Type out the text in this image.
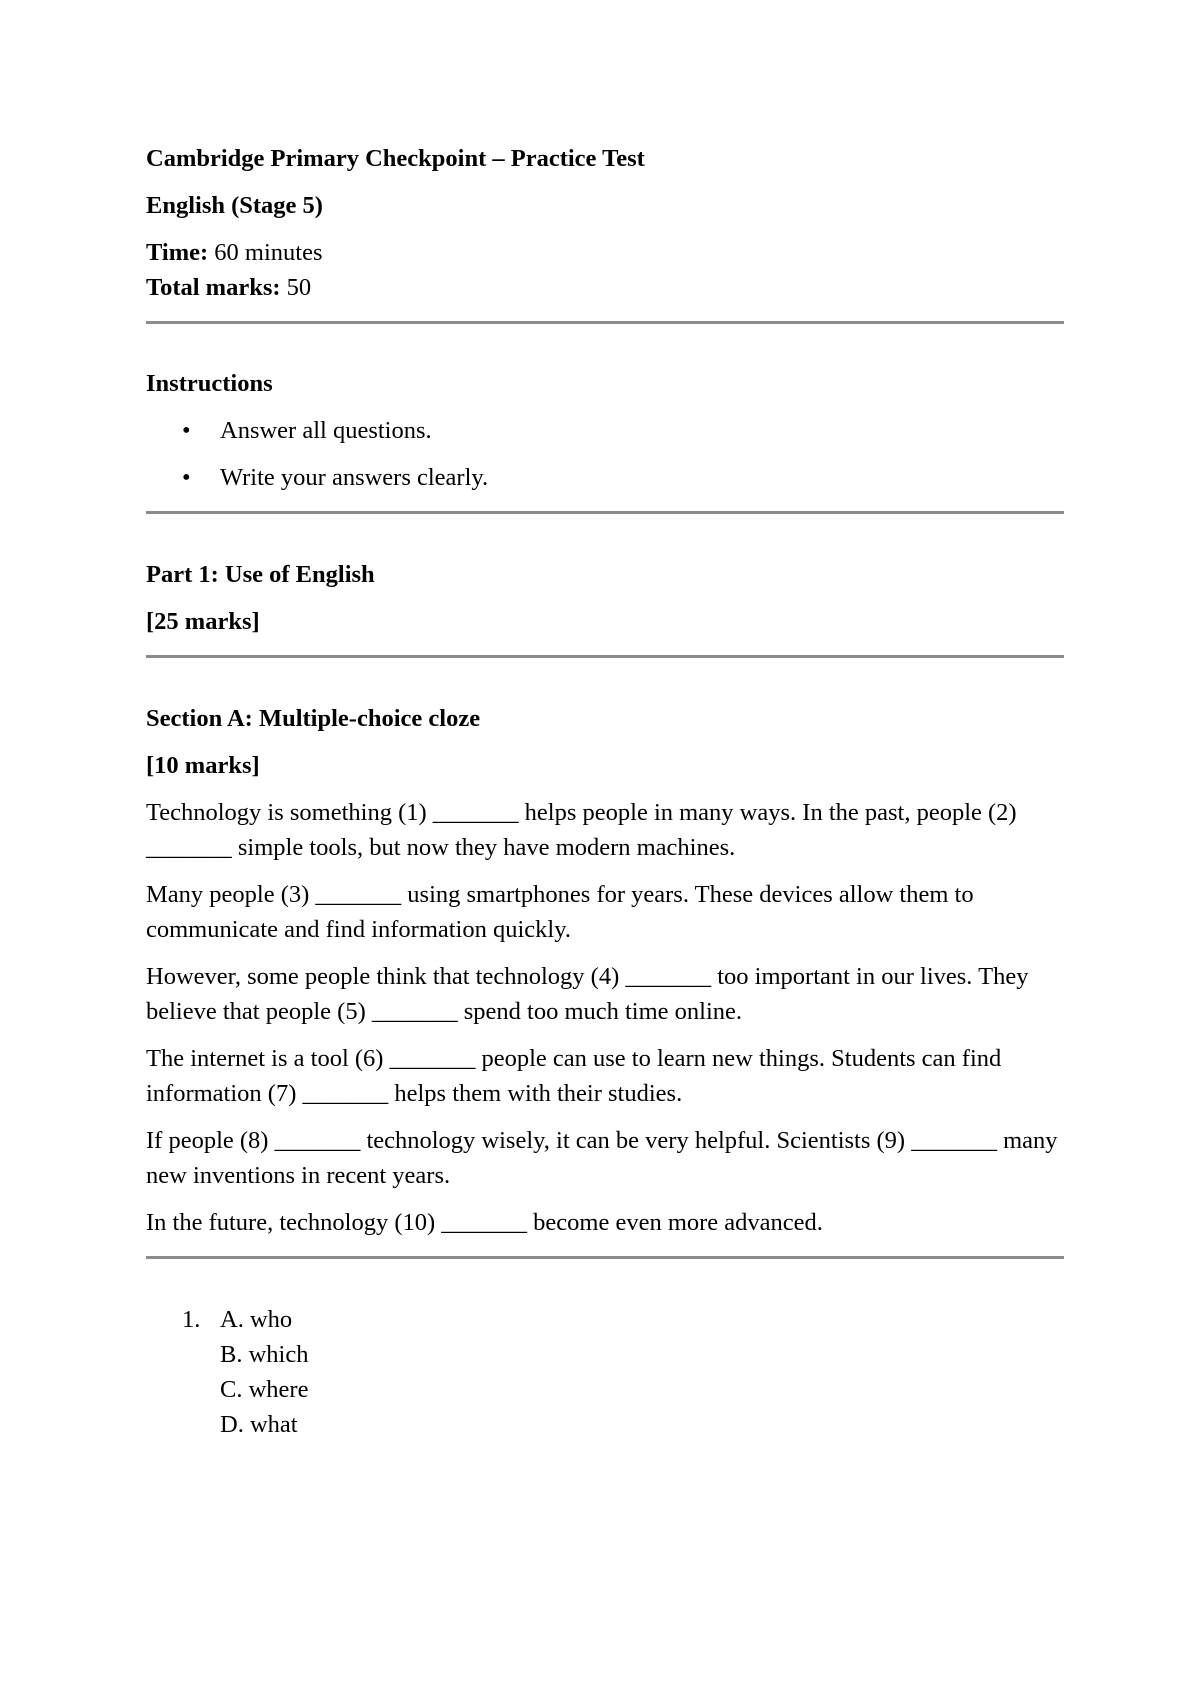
Cambridge Primary Checkpoint – Practice Test

English (Stage 5)

Time: 60 minutes

Total marks: 50

Instructions

• Answer all questions.
• Write your answers clearly.

Part 1: Use of English

[25 marks]

Section A: Multiple-choice cloze

[10 marks]

Technology is something (1) _______ helps people in many ways. In the past, people (2) _______ simple tools, but now they have modern machines.

Many people (3) _______ using smartphones for years. These devices allow them to communicate and find information quickly.

However, some people think that technology (4) _______ too important in our lives. They believe that people (5) _______ spend too much time online.

The internet is a tool (6) _______ people can use to learn new things. Students can find information (7) _______ helps them with their studies.

If people (8) _______ technology wisely, it can be very helpful. Scientists (9) _______ many new inventions in recent years.

In the future, technology (10) _______ become even more advanced.

1. A. who
B. which
C. where
D. what
